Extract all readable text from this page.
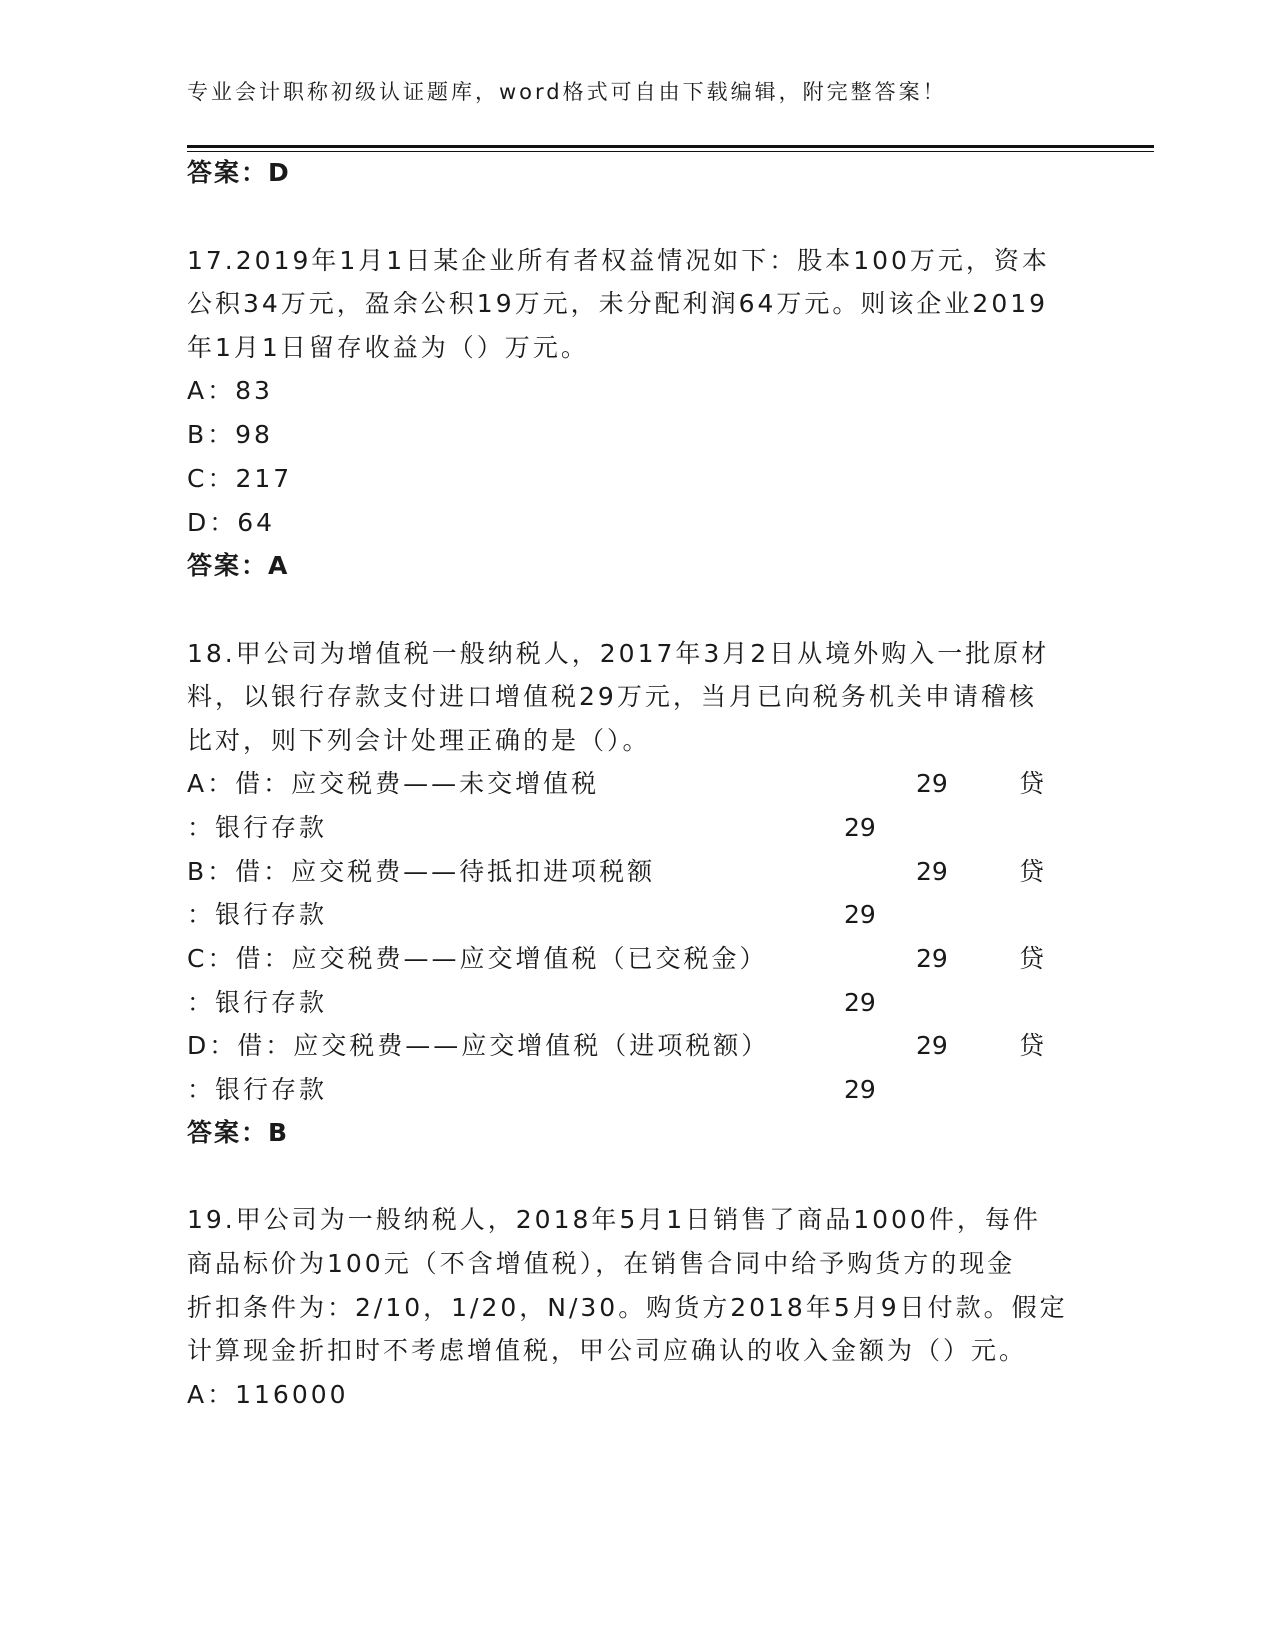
专业会计职称初级认证题库，word格式可自由下载编辑，附完整答案！
答案：D
17.2019年1月1日某企业所有者权益情况如下：股本100万元，资本
公积34万元，盈余公积19万元，未分配利润64万元。则该企业2019
年1月1日留存收益为（）万元。
A：83
B：98
C：217
D：64
答案：A
18.甲公司为增值税一般纳税人，2017年3月2日从境外购入一批原材
料，以银行存款支付进口增值税29万元，当月已向税务机关申请稽核
比对，则下列会计处理正确的是（）。
A：借：应交税费——未交增值税	29	贷
：银行存款	29
B：借：应交税费——待抵扣进项税额	29	贷
：银行存款	29
C：借：应交税费——应交增值税（已交税金）	29	贷
：银行存款	29
D：借：应交税费——应交增值税（进项税额）	29	贷
：银行存款	29
答案：B
19.甲公司为一般纳税人，2018年5月1日销售了商品1000件，每件
商品标价为100元（不含增值税），在销售合同中给予购货方的现金
折扣条件为：2/10，1/20，N/30。购货方2018年5月9日付款。假定
计算现金折扣时不考虑增值税，甲公司应确认的收入金额为（）元。
A：116000
